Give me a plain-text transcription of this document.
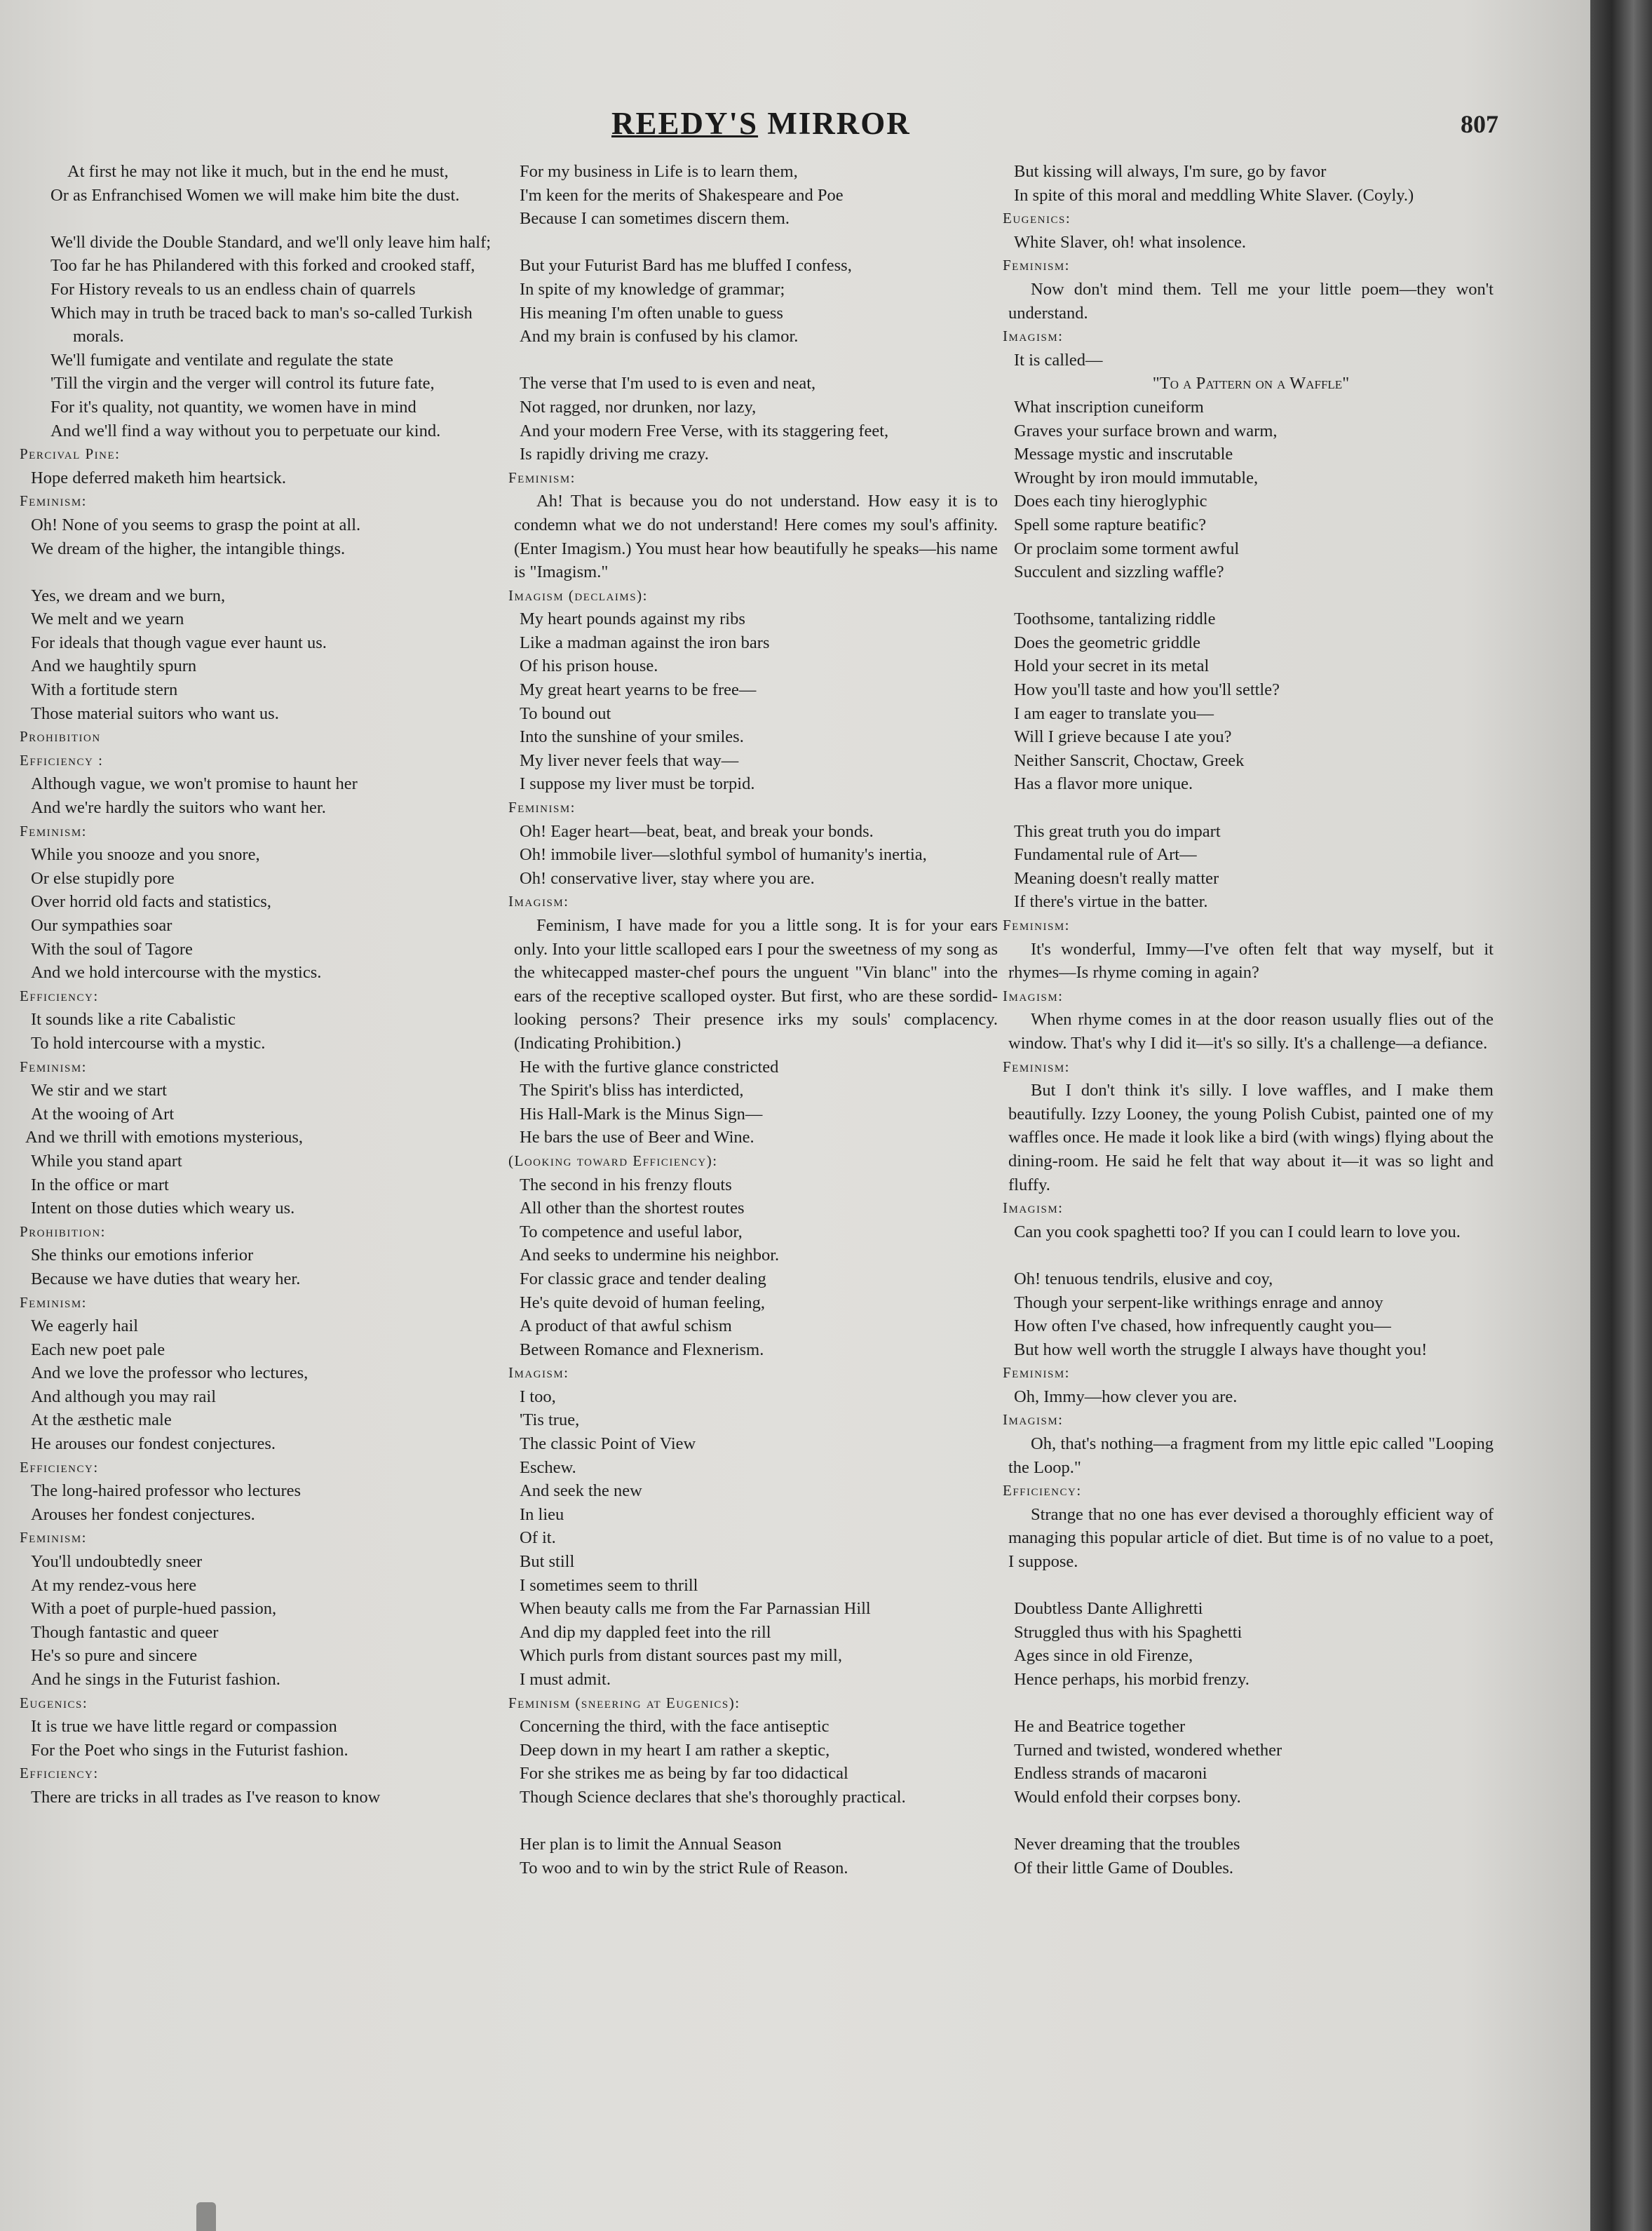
REEDY'S MIRROR	807

At first he may not like it much, but in the end he must,

Or as Enfranchised Women we will make him bite the dust.

We'll divide the Double Standard, and we'll only leave him half;

Too far he has Philandered with this forked and crooked staff,

For History reveals to us an endless chain of quarrels

Which may in truth be traced back to man's so-called Turkish morals.

We'll fumigate and ventilate and regulate the state

'Till the virgin and the verger will control its future fate,

For it's quality, not quantity, we women have in mind

And we'll find a way without you to perpetuate our kind.

Percival Pine:

Hope deferred maketh him heartsick.

Feminism:

Oh! None of you seems to grasp the point at all.

We dream of the higher, the intangible things.

Yes, we dream and we burn,

We melt and we yearn

For ideals that though vague ever haunt us.

And we haughtily spurn

With a fortitude stern

Those material suitors who want us.

Prohibition

Efficiency :

Although vague, we won't promise to haunt her

And we're hardly the suitors who want her.

Feminism:

While you snooze and you snore,

Or else stupidly pore

Over horrid old facts and statistics,

Our sympathies soar

With the soul of Tagore

And we hold intercourse with the mystics.

Efficiency:

It sounds like a rite Cabalistic

To hold intercourse with a mystic.

Feminism:

We stir and we start

At the wooing of Art

And we thrill with emotions mysterious,

While you stand apart

In the office or mart

Intent on those duties which weary us.

Prohibition:

She thinks our emotions inferior

Because we have duties that weary her.

Feminism:

We eagerly hail

Each new poet pale

And we love the professor who lectures,

And although you may rail

At the æsthetic male

He arouses our fondest conjectures.

Efficiency:

The long-haired professor who lectures

Arouses her fondest conjectures.

Feminism:

You'll undoubtedly sneer

At my rendez-vous here

With a poet of purple-hued passion,

Though fantastic and queer

He's so pure and sincere

And he sings in the Futurist fashion.

Eugenics:

It is true we have little regard or compassion

For the Poet who sings in the Futurist fashion.

Efficiency:

There are tricks in all trades as I've reason to know

For my business in Life is to learn them,

I'm keen for the merits of Shakespeare and Poe

Because I can sometimes discern them.

But your Futurist Bard has me bluffed I confess,

In spite of my knowledge of grammar;

His meaning I'm often unable to guess

And my brain is confused by his clamor.

The verse that I'm used to is even and neat,

Not ragged, nor drunken, nor lazy,

And your modern Free Verse, with its staggering feet,

Is rapidly driving me crazy.

Feminism:

Ah! That is because you do not understand. How easy it is to condemn what we do not understand! Here comes my soul's affinity. (Enter Imagism.) You must hear how beautifully he speaks—his name is "Imagism."

Imagism (declaims):

My heart pounds against my ribs

Like a madman against the iron bars

Of his prison house.

My great heart yearns to be free—

To bound out

Into the sunshine of your smiles.

My liver never feels that way—

I suppose my liver must be torpid.

Feminism:

Oh! Eager heart—beat, beat, and break your bonds.

Oh! immobile liver—slothful symbol of humanity's inertia,

Oh! conservative liver, stay where you are.

Imagism:

Feminism, I have made for you a little song. It is for your ears only. Into your little scalloped ears I pour the sweetness of my song as the whitecapped master-chef pours the unguent "Vin blanc" into the ears of the receptive scalloped oyster. But first, who are these sordid-looking persons? Their presence irks my souls' complacency. (Indicating Prohibition.)

He with the furtive glance constricted

The Spirit's bliss has interdicted,

His Hall-Mark is the Minus Sign—

He bars the use of Beer and Wine.

(Looking toward Efficiency):

The second in his frenzy flouts

All other than the shortest routes

To competence and useful labor,

And seeks to undermine his neighbor.

For classic grace and tender dealing

He's quite devoid of human feeling,

A product of that awful schism

Between Romance and Flexnerism.

Imagism:

I too,

'Tis true,

The classic Point of View

Eschew.

And seek the new

In lieu

Of it.

But still

I sometimes seem to thrill

When beauty calls me from the Far Parnassian Hill

And dip my dappled feet into the rill

Which purls from distant sources past my mill,

I must admit.

Feminism (sneering at Eugenics):

Concerning the third, with the face antiseptic

Deep down in my heart I am rather a skeptic,

For she strikes me as being by far too didactical

Though Science declares that she's thoroughly practical.

Her plan is to limit the Annual Season

To woo and to win by the strict Rule of Reason.

But kissing will always, I'm sure, go by favor

In spite of this moral and meddling White Slaver. (Coyly.)

Eugenics:

White Slaver, oh! what insolence.

Feminism:

Now don't mind them. Tell me your little poem—they won't understand.

Imagism:

It is called—

"To a Pattern on a Waffle"

What inscription cuneiform

Graves your surface brown and warm,

Message mystic and inscrutable

Wrought by iron mould immutable,

Does each tiny hieroglyphic

Spell some rapture beatific?

Or proclaim some torment awful

Succulent and sizzling waffle?

Toothsome, tantalizing riddle

Does the geometric griddle

Hold your secret in its metal

How you'll taste and how you'll settle?

I am eager to translate you—

Will I grieve because I ate you?

Neither Sanscrit, Choctaw, Greek

Has a flavor more unique.

This great truth you do impart

Fundamental rule of Art—

Meaning doesn't really matter

If there's virtue in the batter.

Feminism:

It's wonderful, Immy—I've often felt that way myself, but it rhymes—Is rhyme coming in again?

Imagism:

When rhyme comes in at the door reason usually flies out of the window. That's why I did it—it's so silly. It's a challenge—a defiance.

Feminism:

But I don't think it's silly. I love waffles, and I make them beautifully. Izzy Looney, the young Polish Cubist, painted one of my waffles once. He made it look like a bird (with wings) flying about the dining-room. He said he felt that way about it—it was so light and fluffy.

Imagism:

Can you cook spaghetti too? If you can I could learn to love you.

Oh! tenuous tendrils, elusive and coy,

Though your serpent-like writhings enrage and annoy

How often I've chased, how infrequently caught you—

But how well worth the struggle I always have thought you!

Feminism:

Oh, Immy—how clever you are.

Imagism:

Oh, that's nothing—a fragment from my little epic called "Looping the Loop."

Efficiency:

Strange that no one has ever devised a thoroughly efficient way of managing this popular article of diet. But time is of no value to a poet, I suppose.

Doubtless Dante Allighretti

Struggled thus with his Spaghetti

Ages since in old Firenze,

Hence perhaps, his morbid frenzy.

He and Beatrice together

Turned and twisted, wondered whether

Endless strands of macaroni

Would enfold their corpses bony.

Never dreaming that the troubles

Of their little Game of Doubles.
